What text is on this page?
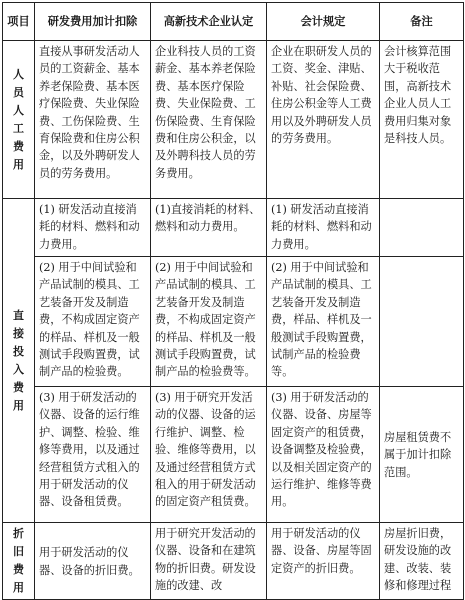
项目	研发费用加计扣除	高新技术企业认定	会计规定	备注
人员人工费用	直接从事研发活动人员的工资薪金、基本养老保险费、基本医疗保险费、失业保险费、工伤保险费、生育保险费和住房公积金，以及外聘研发人员的劳务费用。	企业科技人员的工资薪金、基本养老保险费、基本医疗保险费、失业保险费、工伤保险费、生育保险费和住房公积金，以及外聘科技人员的劳务费用。	企业在职研发人员的工资、奖金、津贴、补贴、社会保险费、住房公积金等人工费用以及外聘研发人员的劳务费用。	会计核算范围大于税收范围，高新技术企业人员人工费用归集对象是科技人员。
直接投入费用	(1) 研发活动直接消耗的材料、燃料和动力费用。	(1)直接消耗的材料、燃料和动力费用。	(1) 研发活动直接消耗的材料、燃料和动力费用。	
	(2) 用于中间试验和产品试制的模具、工艺装备开发及制造费，不构成固定资产的样品、样机及一般测试手段购置费，试制产品的检验费。	(2) 用于中间试验和产品试制的模具、工艺装备开发及制造费，不构成固定资产的样品、样机及一般测试手段购置费，试制产品的检验费等。	(2) 用于中间试验和产品试制的模具、工艺装备开发及制造费，样品、样机及一般测试手段购置费，试制产品的检验费等。	
	(3) 用于研发活动的仪器、设备的运行维护、调整、检验、维修等费用，以及通过经营租赁方式租入的用于研发活动的仪器、设备租赁费。	(3) 用于研究开发活动的仪器、设备的运行维护、调整、检验、维修等费用，以及通过经营租赁方式租入的用于研发活动的固定资产租赁费。	(3) 用于研发活动的仪器、设备、房屋等固定资产的租赁费，设备调整及检验费，以及相关固定资产的运行维护、维修等费用。	房屋租赁费不属于加计扣除范围。
折旧费用	用于研发活动的仪器、设备的折旧费。	用于研究开发活动的仪器、设备和在建筑物的折旧费。研发设施的改建、改	用于研发活动的仪器、设备、房屋等固定资产的折旧费。	房屋折旧费，研发设施的改建、改装、装修和修理过程
